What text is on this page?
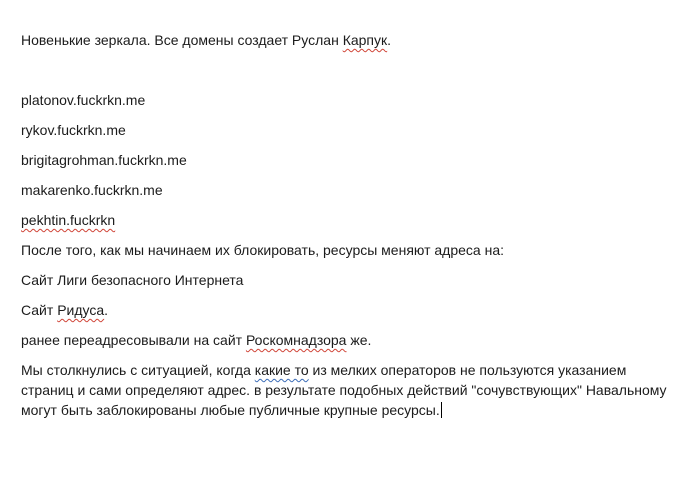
Новенькие зеркала. Все домены создает Руслан Карпук.
platonov.fuckrkn.me
rykov.fuckrkn.me
brigitagrohman.fuckrkn.me
makarenko.fuckrkn.me
pekhtin.fuckrkn
После того, как мы начинаем их блокировать, ресурсы меняют адреса на:
Сайт Лиги безопасного Интернета
Сайт Ридуса.
ранее переадресовывали на сайт Роскомнадзора же.
Мы столкнулись с ситуацией, когда какие то из мелких операторов не пользуются указанием
страниц и сами определяют адрес. в результате подобных действий "сочувствующих" Навальному
могут быть заблокированы любые публичные крупные ресурсы.
